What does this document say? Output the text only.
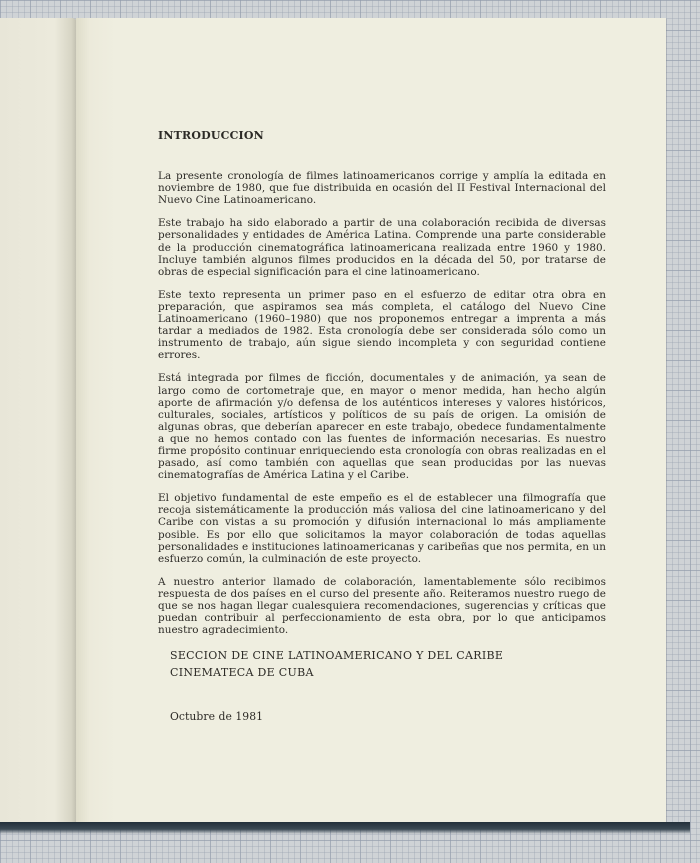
INTRODUCCION

La presente cronología de filmes latinoamericanos corrige y amplía la editada en noviembre de 1980, que fue distribuida en ocasión del II Festival Internacional del Nuevo Cine Latinoamericano.

Este trabajo ha sido elaborado a partir de una colaboración recibida de diversas personalidades y entidades de América Latina. Comprende una parte considerable de la producción cinematográfica latinoamericana realizada entre 1960 y 1980. Incluye también algunos filmes producidos en la década del 50, por tratarse de obras de especial significación para el cine latinoamericano.

Este texto representa un primer paso en el esfuerzo de editar otra obra en preparación, que aspiramos sea más completa, el catálogo del Nuevo Cine Latinoamericano (1960–1980) que nos proponemos entregar a imprenta a más tardar a mediados de 1982. Esta cronología debe ser considerada sólo como un instrumento de trabajo, aún sigue siendo incompleta y con seguridad contiene errores.

Está integrada por filmes de ficción, documentales y de animación, ya sean de largo como de cortometraje que, en mayor o menor medida, han hecho algún aporte de afirmación y/o defensa de los auténticos intereses y valores históricos, culturales, sociales, artísticos y políticos de su país de origen. La omisión de algunas obras, que deberían aparecer en este trabajo, obedece fundamentalmente a que no hemos contado con las fuentes de información necesarias. Es nuestro firme propósito continuar enriqueciendo esta cronología con obras realizadas en el pasado, así como también con aquellas que sean producidas por las nuevas cinematografías de América Latina y el Caribe.

El objetivo fundamental de este empeño es el de establecer una filmografía que recoja sistemáticamente la producción más valiosa del cine latinoamericano y del Caribe con vistas a su promoción y difusión internacional lo más ampliamente posible. Es por ello que solicitamos la mayor colaboración de todas aquellas personalidades e instituciones latinoamericanas y caribeñas que nos permita, en un esfuerzo común, la culminación de este proyecto.

A nuestro anterior llamado de colaboración, lamentablemente sólo recibimos respuesta de dos países en el curso del presente año. Reiteramos nuestro ruego de que se nos hagan llegar cualesquiera recomendaciones, sugerencias y críticas que puedan contribuir al perfeccionamiento de esta obra, por lo que anticipamos nuestro agradecimiento.

SECCION DE CINE LATINOAMERICANO Y DEL CARIBE
CINEMATECA DE CUBA
Octubre de 1981
